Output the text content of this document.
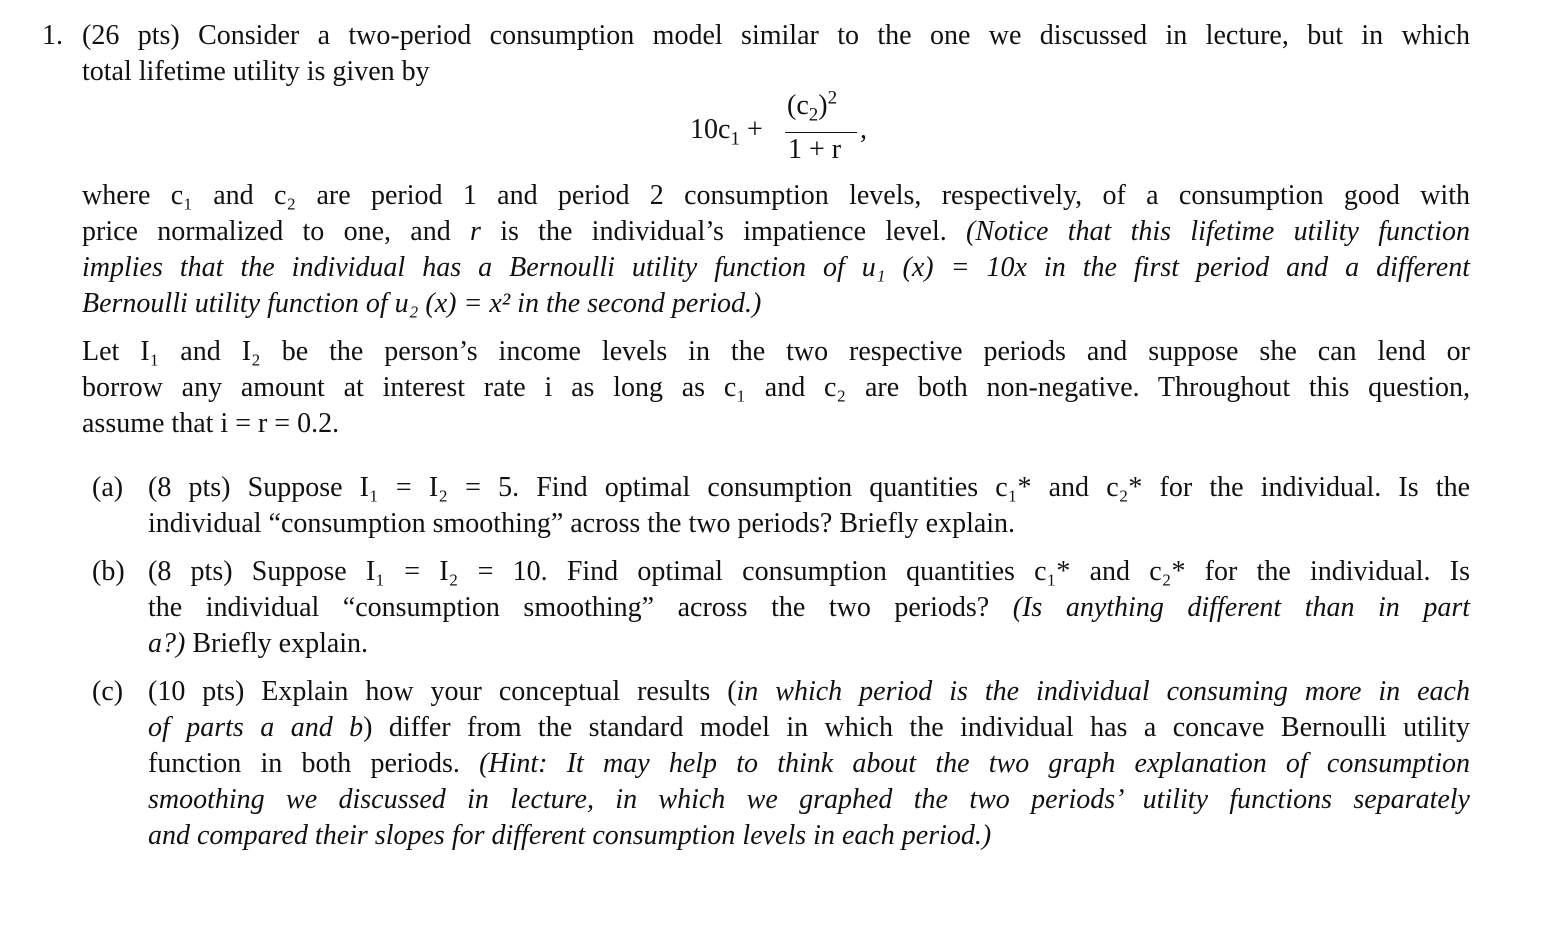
1. (26 pts) Consider a two-period consumption model similar to the one we discussed in lecture, but in which
total lifetime utility is given by
$10c_1$ +
$(c_2)^2$
1 + r
,
where c₁ and c₂ are period 1 and period 2 consumption levels, respectively, of a consumption good with
price normalized to one, and r is the individual’s impatience level. (Notice that this lifetime utility function
implies that the individual has a Bernoulli utility function of u₁ (x) = 10x in the first period and a different
Bernoulli utility function of u₂ (x) = x² in the second period.)
Let I₁ and I₂ be the person’s income levels in the two respective periods and suppose she can lend or
borrow any amount at interest rate i as long as c₁ and c₂ are both non-negative. Throughout this question,
assume that i = r = 0.2.
(a) (8 pts) Suppose I₁ = I₂ = 5. Find optimal consumption quantities c₁* and c₂* for the individual. Is the
individual “consumption smoothing” across the two periods? Briefly explain.
(b) (8 pts) Suppose I₁ = I₂ = 10. Find optimal consumption quantities c₁* and c₂* for the individual. Is
the individual “consumption smoothing” across the two periods? (Is anything different than in part
a?) Briefly explain.
(c) (10 pts) Explain how your conceptual results (in which period is the individual consuming more in each
of parts a and b) differ from the standard model in which the individual has a concave Bernoulli utility
function in both periods. (Hint: It may help to think about the two graph explanation of consumption
smoothing we discussed in lecture, in which we graphed the two periods’ utility functions separately
and compared their slopes for different consumption levels in each period.)
